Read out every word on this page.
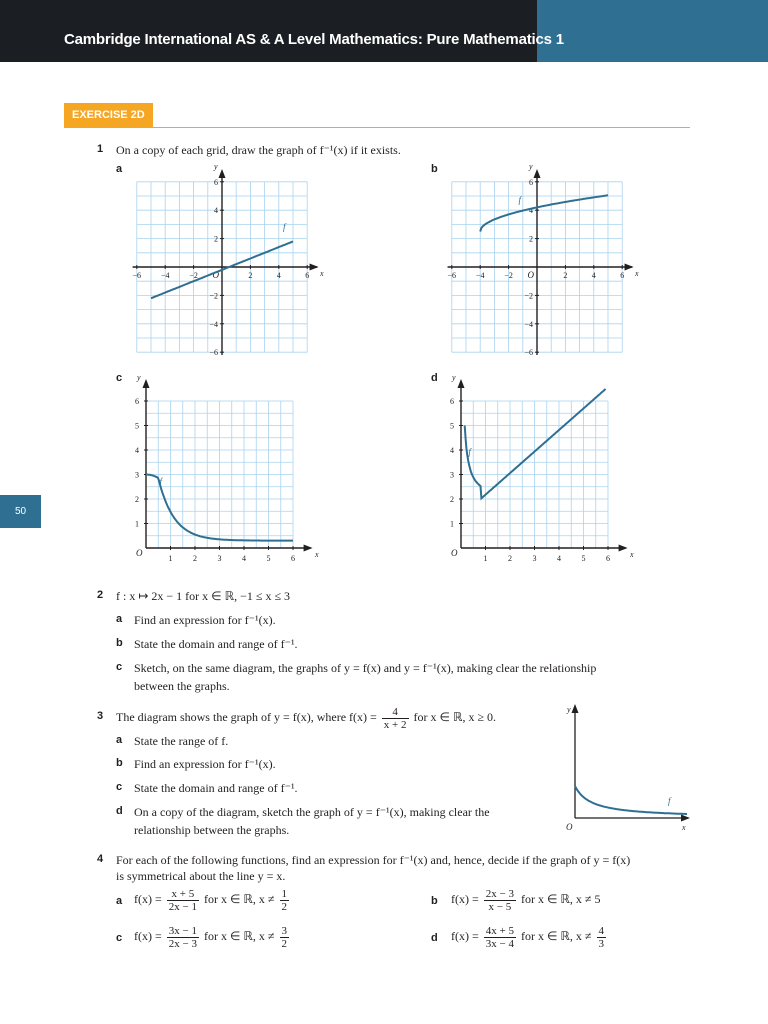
Cambridge International AS & A Level Mathematics: Pure Mathematics 1
EXERCISE 2D
50
1 On a copy of each grid, draw the graph of f⁻¹(x) if it exists.
a	b
c	d
−6 −4 −2	2	4	6
6
4
2
−2
−4
−6
O	x
y
f
−6 −4 −2	2	4	6
6
4
2
−2
−4
−6
O	x
y
f
1	2	3	4	5	6
6
5
4
3
2
1
O	x
y
f
1	2	3	4	5	6
6
5
4
3
2
1
O	x
y
f
2 f : x ↦ 2x − 1 for x ∈ ℝ, −1 ≤ x ≤ 3
a Find an expression for f⁻¹(x).
b State the domain and range of f⁻¹.
c Sketch, on the same diagram, the graphs of y = f(x) and y = f⁻¹(x), making clear the relationship
between the graphs.
3 The diagram shows the graph of y = f(x), where $f(x) = \frac{4}{x + 2}$ for x ∈ ℝ, x ≥ 0.
a State the range of f.
b Find an expression for f⁻¹(x).
c State the domain and range of f⁻¹.
d On a copy of the diagram, sketch the graph of y = f⁻¹(x), making clear the
relationship between the graphs.	O	x
y
f
4 For each of the following functions, find an expression for f⁻¹(x) and, hence, decide if the graph of y = f(x)
is symmetrical about the line y = x.
a $f(x) = \frac{x + 5}{2x - 1}$ for x ∈ ℝ, $x \ne \frac{1}{2}$	b $f(x) = \frac{2x - 3}{x - 5}$ for x ∈ ℝ, x ≠ 5
c $f(x) = \frac{3x - 1}{2x - 3}$ for x ∈ ℝ, $x \ne \frac{3}{2}$	d $f(x) = \frac{4x + 5}{3x - 4}$ for x ∈ ℝ, $x \ne \frac{4}{3}$
